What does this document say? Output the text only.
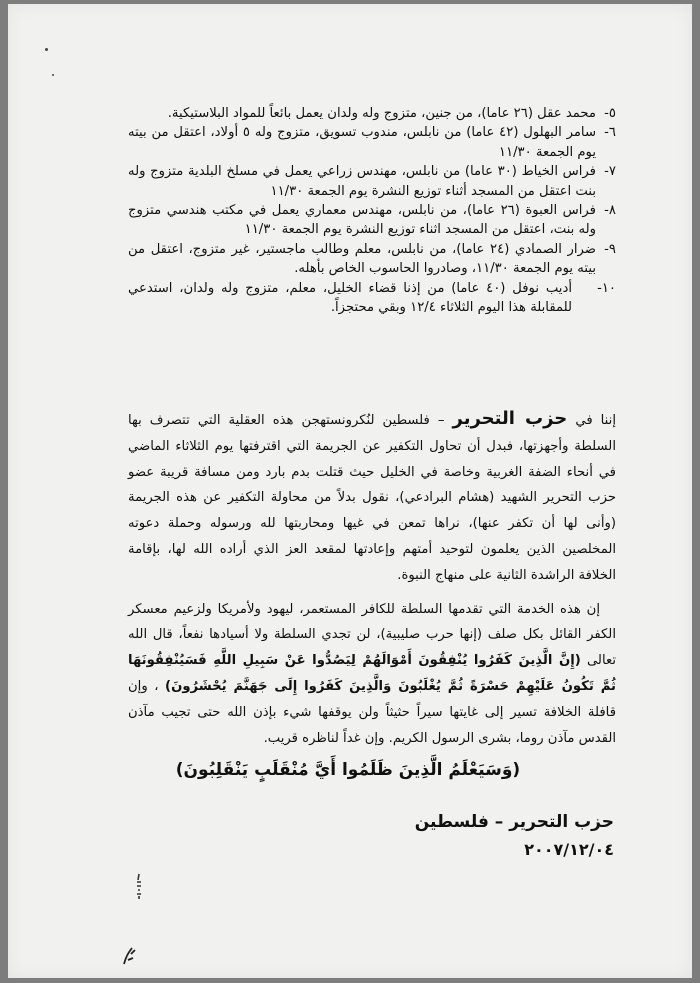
٥-
محمد عقل (٢٦ عاما)، من جنين، متزوج وله ولدان يعمل بائعاً للمواد البلاستيكية.
٦-
سامر البهلول (٤٢ عاما) من نابلس، مندوب تسويق، متزوج وله ٥ أولاد، اعتقل من بيته يوم الجمعة ١١/٣٠
٧-
فراس الخياط (٣٠ عاما) من نابلس، مهندس زراعي يعمل في مسلخ البلدية متزوج وله بنت اعتقل من المسجد أثناء توزيع النشرة يوم الجمعة ١١/٣٠
٨-
فراس العبوة (٢٦ عاما)، من نابلس، مهندس معماري يعمل في مكتب هندسي متزوج وله بنت، اعتقل من المسجد اثناء توزيع النشرة يوم الجمعة ١١/٣٠
٩-
ضرار الصمادي (٢٤ عاما)، من نابلس، معلم وطالب ماجستير، غير متزوج، اعتقل من بيته يوم الجمعة ١١/٣٠، وصادروا الحاسوب الخاص بأهله.
١٠-
أديب نوفل (٤٠ عاما) من إذنا قضاء الخليل، معلم، متزوج وله ولدان، استدعي للمقابلة هذا اليوم الثلاثاء ١٢/٤ وبقي محتجزاً.

إننا في حزب التحرير – فلسطين لنُكرونستهجن هذه العقلية التي تتصرف بها السلطة وأجهزتها، فبدل أن تحاول التكفير عن الجريمة التي اقترفتها يوم الثلاثاء الماضي في أنحاء الضفة الغربية وخاصة في الخليل حيث قتلت بدم بارد ومن مسافة قريبة عضو حزب التحرير الشهيد (هشام البرادعي)، نقول بدلاً من محاولة التكفير عن هذه الجريمة (وأنى لها أن تكفر عنها)، نراها تمعن في غيها ومحاربتها لله ورسوله وحملة دعوته المخلصين الذين يعلمون لتوحيد أمتهم وإعادتها لمقعد العز الذي أراده الله لها، بإقامة الخلافة الراشدة الثانية على منهاج النبوة.

إن هذه الخدمة التي تقدمها السلطة للكافر المستعمر، ليهود ولأمريكا ولزعيم معسكر الكفر القائل بكل صلف (إنها حرب صليبية)، لن تجدي السلطة ولا أسيادها نفعاً، قال الله تعالى (إِنَّ الَّذِينَ كَفَرُوا يُنْفِقُونَ أَمْوَالَهُمْ لِيَصُدُّوا عَنْ سَبِيلِ اللَّهِ فَسَيُنْفِقُونَهَا ثُمَّ تَكُونُ عَلَيْهِمْ حَسْرَةً ثُمَّ يُغْلَبُونَ وَالَّذِينَ كَفَرُوا إِلَى جَهَنَّمَ يُحْشَرُونَ) ، وإن قافلة الخلافة تسير إلى غايتها سيراً حثيثاً ولن يوقفها شيء بإذن الله حتى تجيب مآذن القدس مآذن روما، بشرى الرسول الكريم. وإن غداً لناظره قريب.

(وَسَيَعْلَمُ الَّذِينَ ظَلَمُوا أَيَّ مُنْقَلَبٍ يَنْقَلِبُونَ)
حزب التحرير – فلسطين
٢٠٠٧/١٢/٠٤
